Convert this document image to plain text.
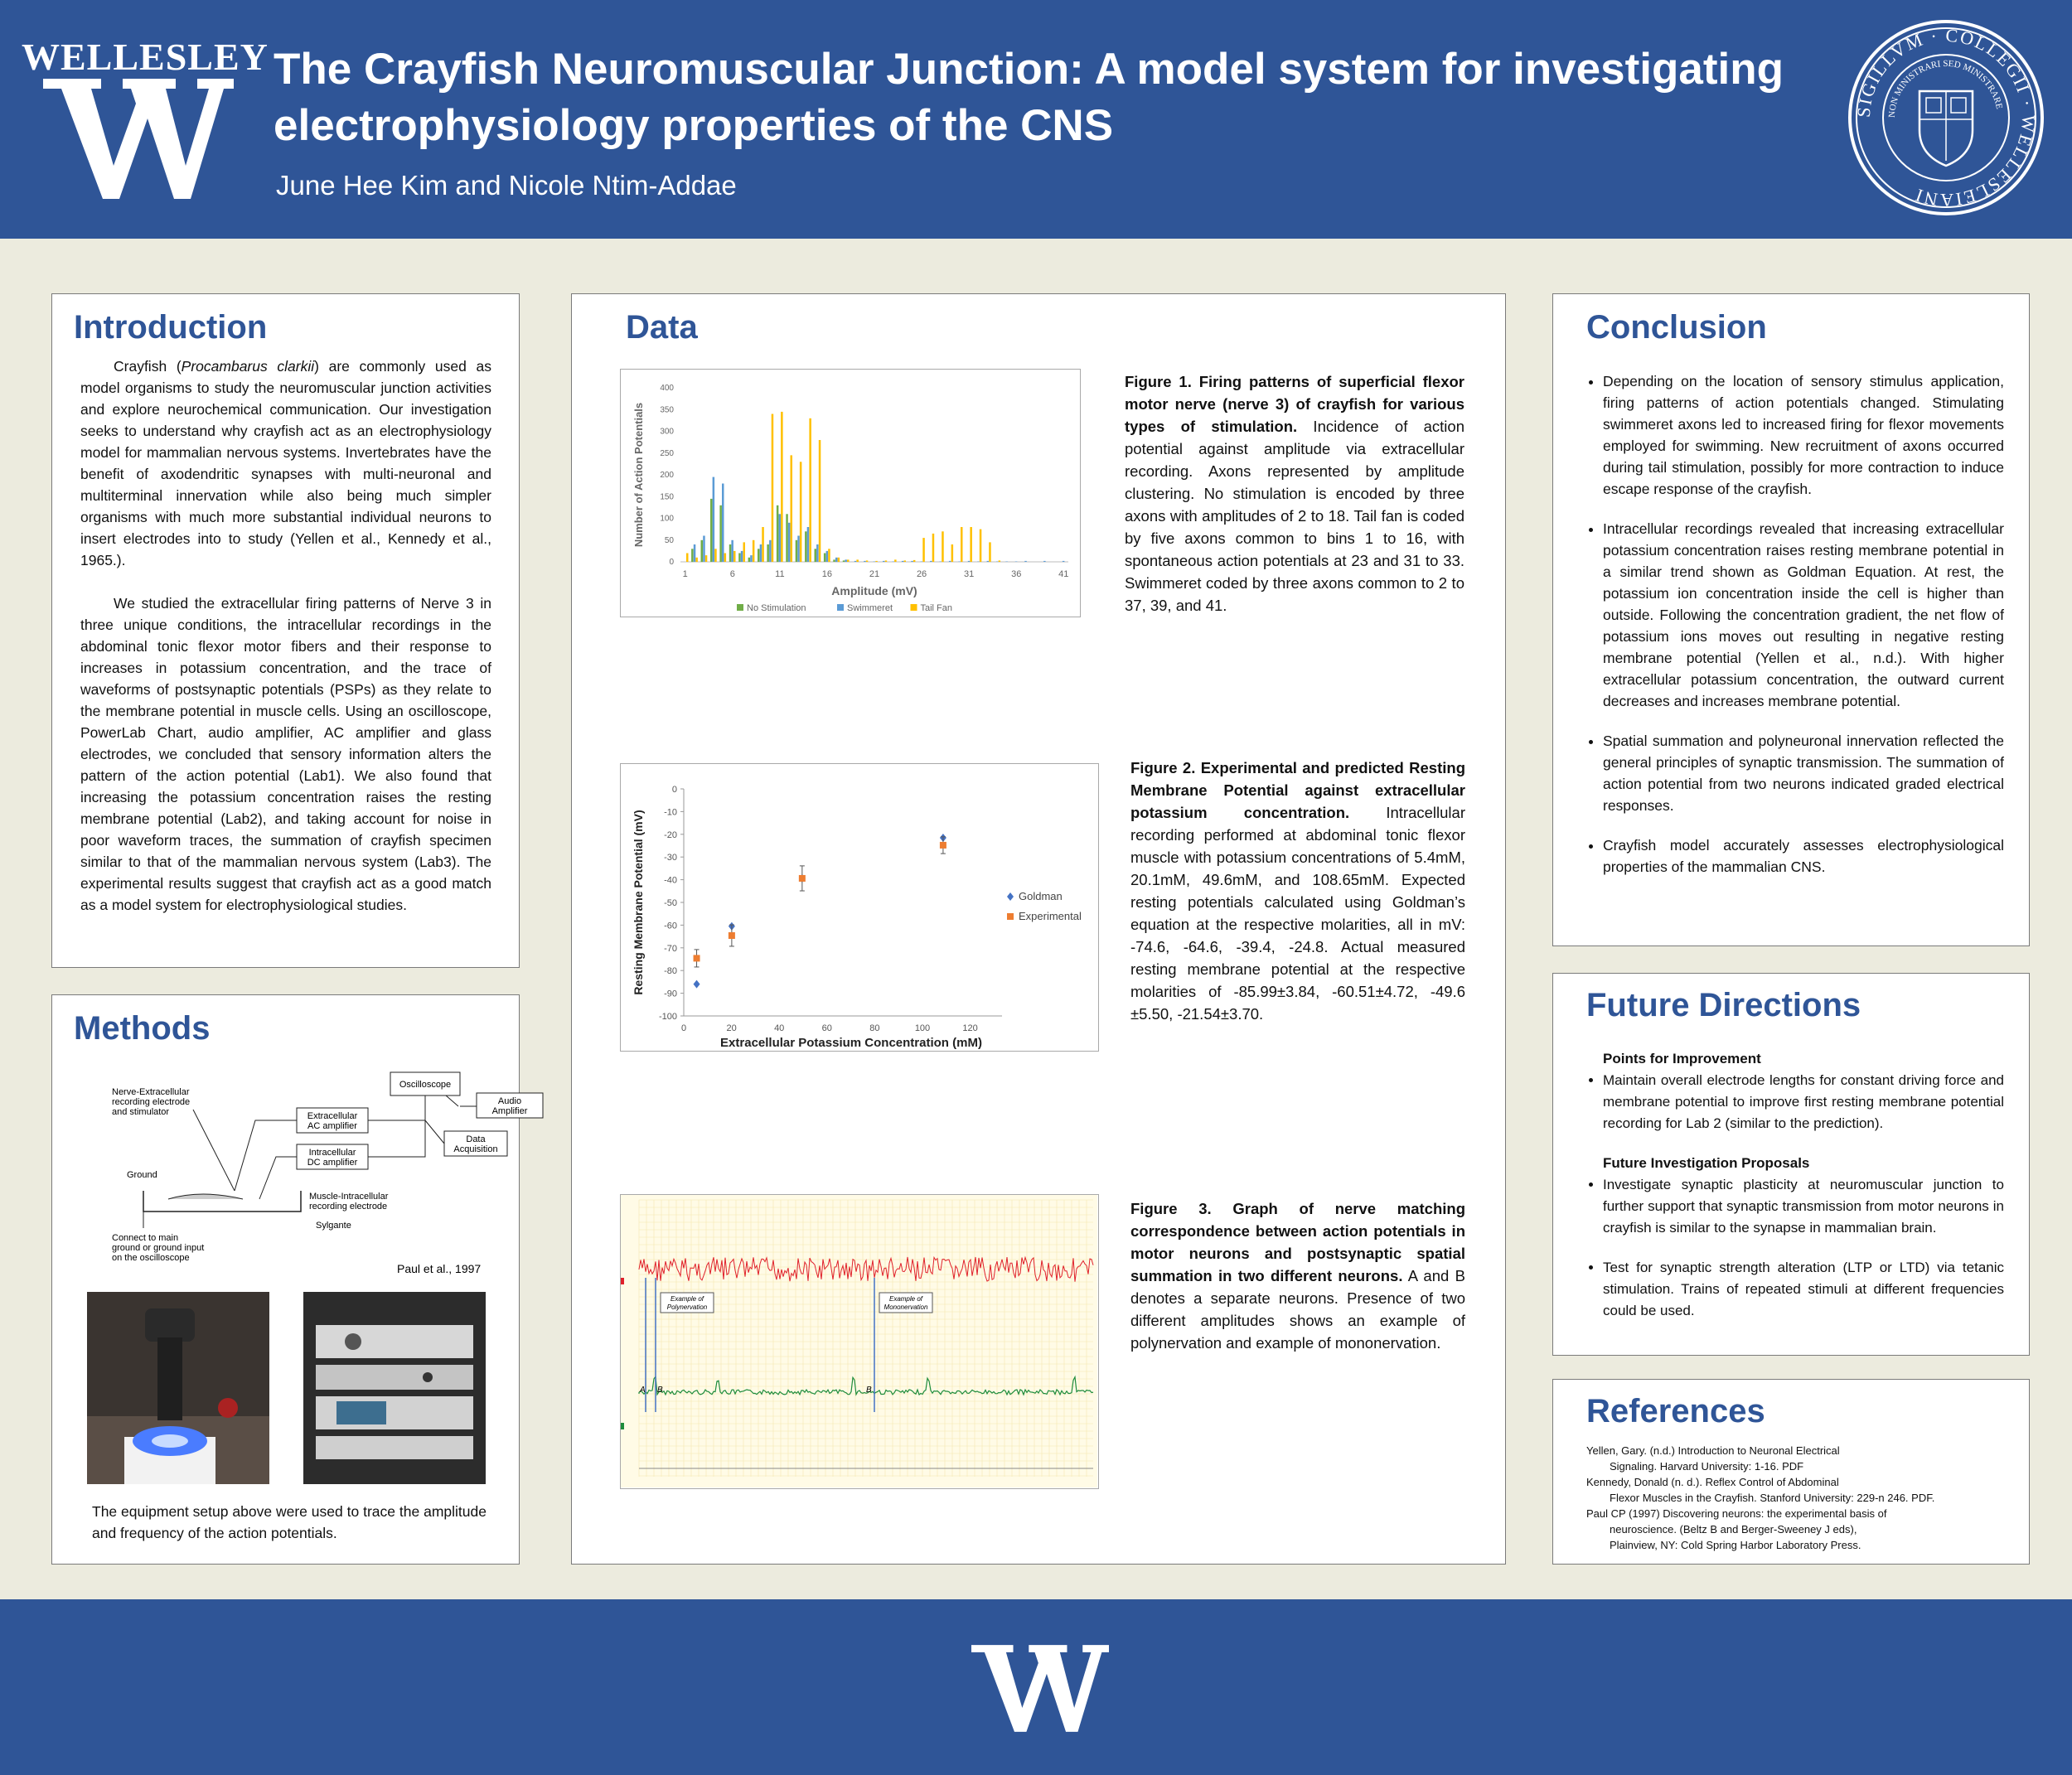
WELLESLEY The Crayfish Neuromuscular Junction: A model system for investigating
electrophysiology properties of the CNS
June Hee Kim and Nicole Ntim-Addae
SIGILLVM · COLLEGII · WELLESLEIANI
NON MINISTRARI SED MINISTRARE
Introduction

Crayfish (Procambarus clarkii) are commonly used as model organisms to study the neuromuscular junction activities and explore neurochemical communication. Our investigation seeks to understand why crayfish act as an electrophysiology model for mammalian nervous systems. Invertebrates have the benefit of axodendritic synapses with multi-neuronal and multiterminal innervation while also being much simpler organisms with much more substantial individual neurons to insert electrodes into to study (Yellen et al., Kennedy et al., 1965.).

We studied the extracellular firing patterns of Nerve 3 in three unique conditions, the intracellular recordings in the abdominal tonic flexor motor fibers and their response to increases in potassium concentration, and the trace of waveforms of postsynaptic potentials (PSPs) as they relate to the membrane potential in muscle cells. Using an oscilloscope, PowerLab Chart, audio amplifier, AC amplifier and glass electrodes, we concluded that sensory information alters the pattern of the action potential (Lab1). We also found that increasing the potassium concentration raises the resting membrane potential (Lab2), and taking account for noise in poor waveform traces, the summation of crayfish specimen similar to that of the mammalian nervous system (Lab3). The experimental results suggest that crayfish act as a good match as a model system for electrophysiological studies.

Methods
Oscilloscope
Audio
Amplifier
Data
Acquisition
Extracellular
AC amplifier
Intracellular
DC amplifier
Nerve-Extracellular
recording electrode
and stimulator
Ground
Muscle-Intracellular
recording electrode
Sylgante
Connect to main
ground or ground input
on the oscilloscope
Paul et al., 1997
The equipment setup above were used to trace the amplitude and frequency of the action potentials.
Data
0
50
100
150
200
250
300
350
400
1	6	11	16	21	26	31	36	41
Amplitude (mV)
Number of Action Potentials
No Stimulation	Swimmeret	Tail Fan
Figure 1. Firing patterns of superficial flexor motor nerve (nerve 3) of crayfish for various types of stimulation. Incidence of action potential against amplitude via extracellular recording. Axons represented by amplitude clustering. No stimulation is encoded by three axons with amplitudes of 2 to 18. Tail fan is coded by five axons common to bins 1 to 16, with spontaneous action potentials at 23 and 31 to 33. Swimmeret coded by three axons common to 2 to 37, 39, and 41.
0
-10
-20
-30
-40
-50
-60
-70
-80
-90
-100
0	20	40	60	80	100	120
Extracellular Potassium Concentration (mM)
Resting Membrane Potential (mV)	Goldman
Experimental
Figure 2. Experimental and predicted Resting Membrane Potential against extracellular potassium concentration. Intracellular recording performed at abdominal tonic flexor muscle with potassium concentrations of 5.4mM, 20.1mM, 49.6mM, and 108.65mM. Expected resting potentials calculated using Goldman’s equation at the respective molarities, all in mV: -74.6, -64.6, -39.4, -24.8. Actual measured resting membrane potential at the respective molarities of -85.99±3.84, -60.51±4.72, -49.6 ±5.50, -21.54±3.70.
Example of
Polynervation
Example of
Mononervation
A B	B
Figure 3. Graph of nerve matching correspondence between action potentials in motor neurons and postsynaptic spatial summation in two different neurons. A and B denotes a separate neurons. Presence of two different amplitudes shows an example of polynervation and example of mononervation.
Conclusion
• Depending on the location of sensory stimulus application, firing patterns of action potentials changed. Stimulating swimmeret axons led to increased firing for flexor movements employed for swimming. New recruitment of axons occurred during tail stimulation, possibly for more contraction to induce escape response of the crayfish.
• Intracellular recordings revealed that increasing extracellular potassium concentration raises resting membrane potential in a similar trend shown as Goldman Equation. At rest, the potassium ion concentration inside the cell is higher than outside. Following the concentration gradient, the net flow of potassium ions moves out resulting in negative resting membrane potential (Yellen et al., n.d.). With higher extracellular potassium concentration, the outward current decreases and increases membrane potential.
• Spatial summation and polyneuronal innervation reflected the general principles of synaptic transmission. The summation of action potential from two neurons indicated graded electrical responses.
• Crayfish model accurately assesses electrophysiological properties of the mammalian CNS.
Future Directions
Points for Improvement
• Maintain overall electrode lengths for constant driving force and membrane potential to improve first resting membrane potential recording for Lab 2 (similar to the prediction).
Future Investigation Proposals
• Investigate synaptic plasticity at neuromuscular junction to further support that synaptic transmission from motor neurons in crayfish is similar to the synapse in mammalian brain.
• Test for synaptic strength alteration (LTP or LTD) via tetanic stimulation. Trains of repeated stimuli at different frequencies could be used.
References
Yellen, Gary. (n.d.) Introduction to Neuronal Electrical
Signaling. Harvard University: 1-16. PDF
Kennedy, Donald (n. d.). Reflex Control of Abdominal
Flexor Muscles in the Crayfish. Stanford University: 229-n 246. PDF.
Paul CP (1997) Discovering neurons: the experimental basis of
neuroscience. (Beltz B and Berger-Sweeney J eds),
Plainview, NY: Cold Spring Harbor Laboratory Press.
